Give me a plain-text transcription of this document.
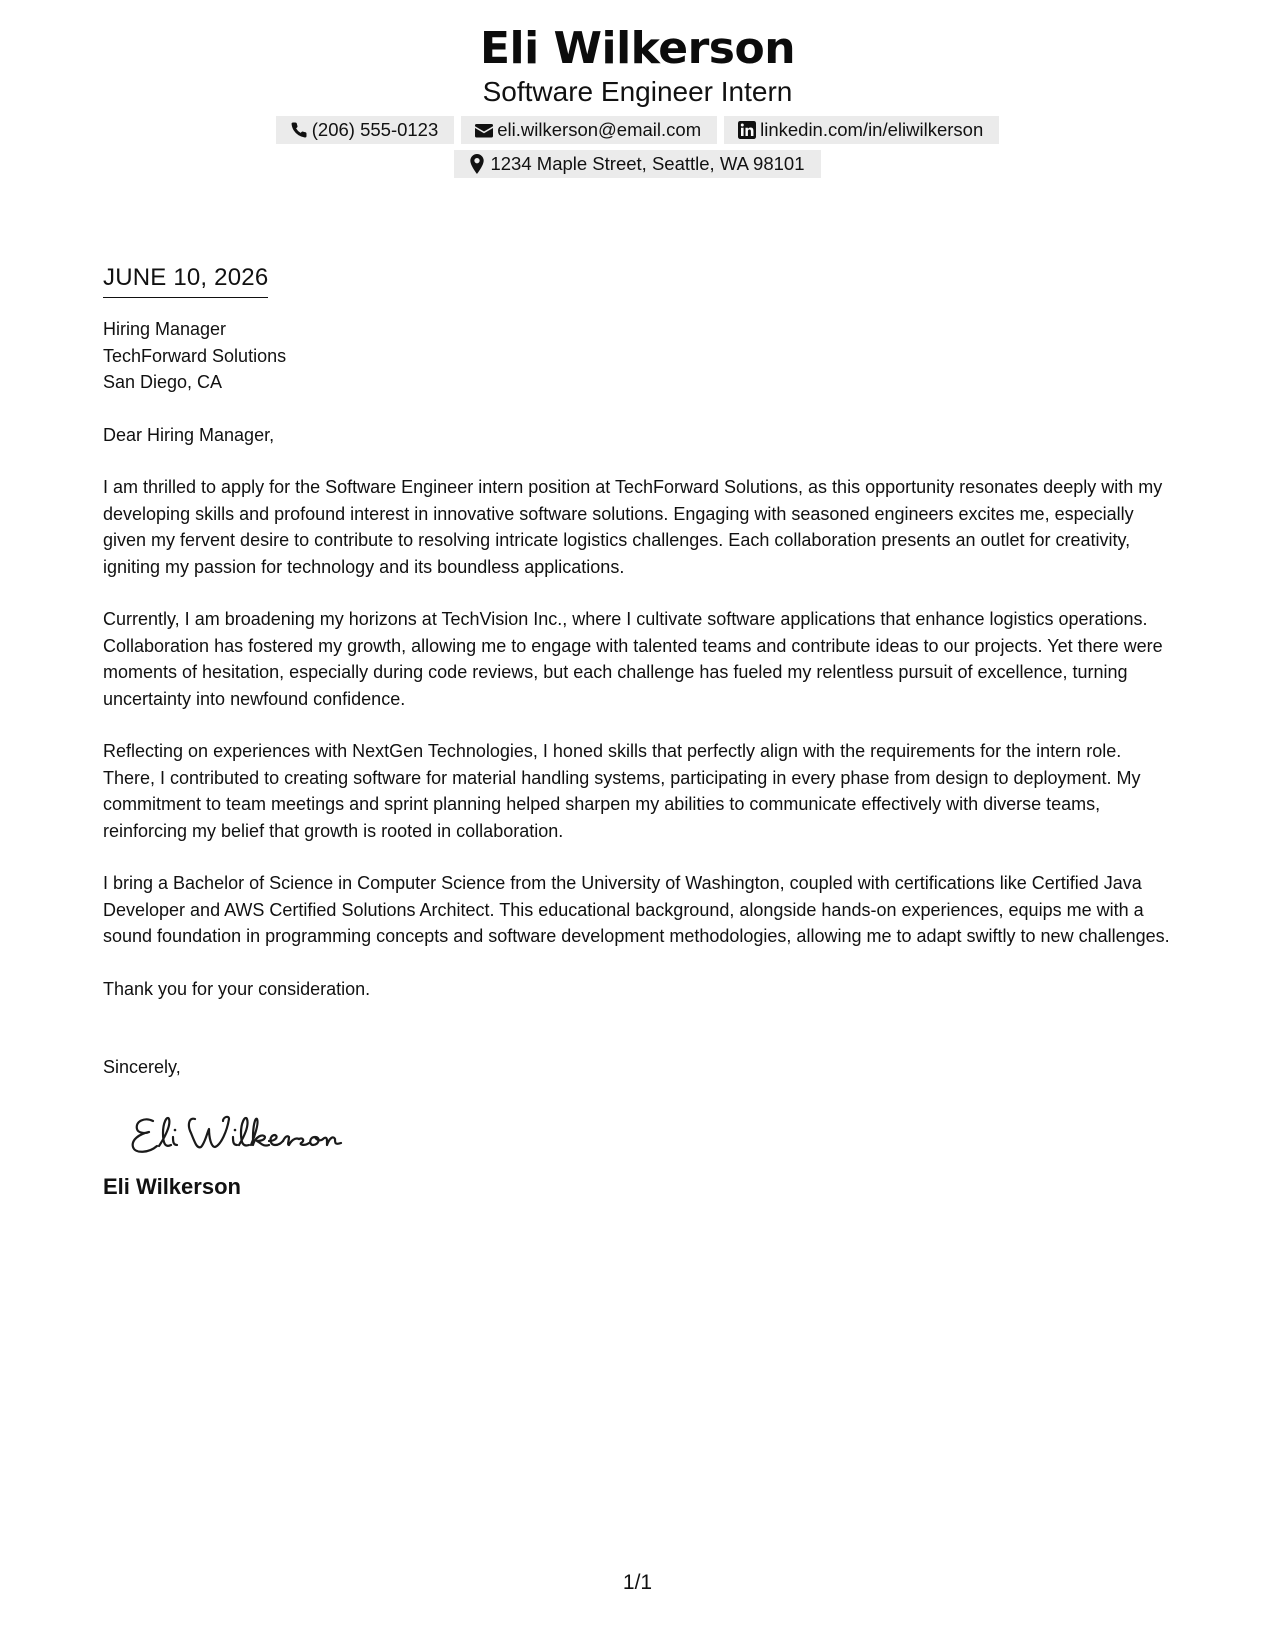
Eli Wilkerson
Software Engineer Intern
(206) 555-0123	eli.wilkerson@email.com	linkedin.com/in/eliwilkerson
1234 Maple Street, Seattle, WA 98101
JUNE 10, 2026
Hiring Manager
TechForward Solutions
San Diego, CA
Dear Hiring Manager,
I am thrilled to apply for the Software Engineer intern position at TechForward Solutions, as this opportunity resonates deeply with my developing skills and profound interest in innovative software solutions. Engaging with seasoned engineers excites me, especially given my fervent desire to contribute to resolving intricate logistics challenges. Each collaboration presents an outlet for creativity, igniting my passion for technology and its boundless applications.
Currently, I am broadening my horizons at TechVision Inc., where I cultivate software applications that enhance logistics operations. Collaboration has fostered my growth, allowing me to engage with talented teams and contribute ideas to our projects. Yet there were moments of hesitation, especially during code reviews, but each challenge has fueled my relentless pursuit of excellence, turning uncertainty into newfound confidence.
Reflecting on experiences with NextGen Technologies, I honed skills that perfectly align with the requirements for the intern role. There, I contributed to creating software for material handling systems, participating in every phase from design to deployment. My commitment to team meetings and sprint planning helped sharpen my abilities to communicate effectively with diverse teams, reinforcing my belief that growth is rooted in collaboration.
I bring a Bachelor of Science in Computer Science from the University of Washington, coupled with certifications like Certified Java Developer and AWS Certified Solutions Architect. This educational background, alongside hands-on experiences, equips me with a sound foundation in programming concepts and software development methodologies, allowing me to adapt swiftly to new challenges.
Thank you for your consideration.
Sincerely,
Eli Wilkerson
1/1
